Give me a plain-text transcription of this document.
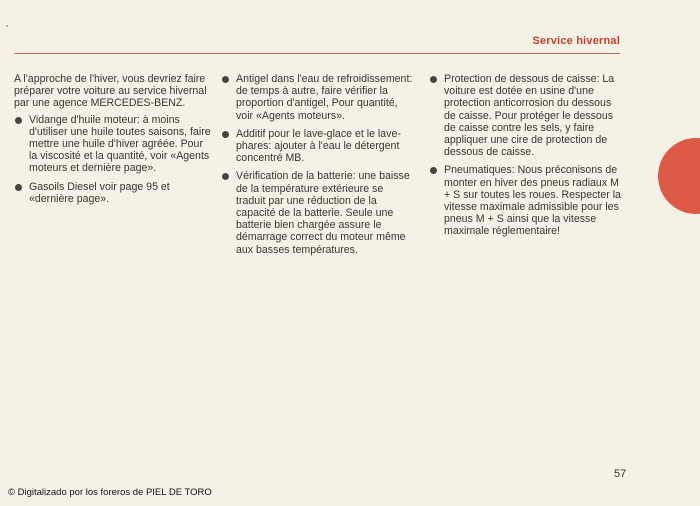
Service hivernal

A l'approche de l'hiver, vous devriez faire préparer votre voiture au service hivernal par une agence MERCEDES-BENZ.

Vidange d'huile moteur: à moins d'utiliser une huile toutes saisons, faire mettre une huile d'hiver agréée. Pour la viscosité et la quantité, voir «Agents moteurs et dernière page».

Gasoils Diesel voir page 95 et «dernière page».

Antigel dans l'eau de refroidissement: de temps à autre, faire vérifier la proportion d'antigel, Pour quantité, voir «Agents moteurs».

Additif pour le lave-glace et le lave-phares: ajouter à l'eau le détergent concentré MB.

Vérification de la batterie: une baisse de la température extérieure se traduit par une réduction de la capacité de la batterie. Seule une batterie bien chargée assure le démarrage correct du moteur même aux basses températures.

Protection de dessous de caisse: La voiture est dotée en usine d'une protection anticorrosion du dessous de caisse. Pour protéger le dessous de caisse contre les sels, y faire appliquer une cire de protection de dessous de caisse.

Pneumatiques: Nous préconisons de monter en hiver des pneus radiaux M + S sur toutes les roues. Respecter la vitesse maximale admissible pour les pneus M + S ainsi que la vitesse maximale réglementaire!

57
© Digitalizado por los foreros de PIEL DE TORO
